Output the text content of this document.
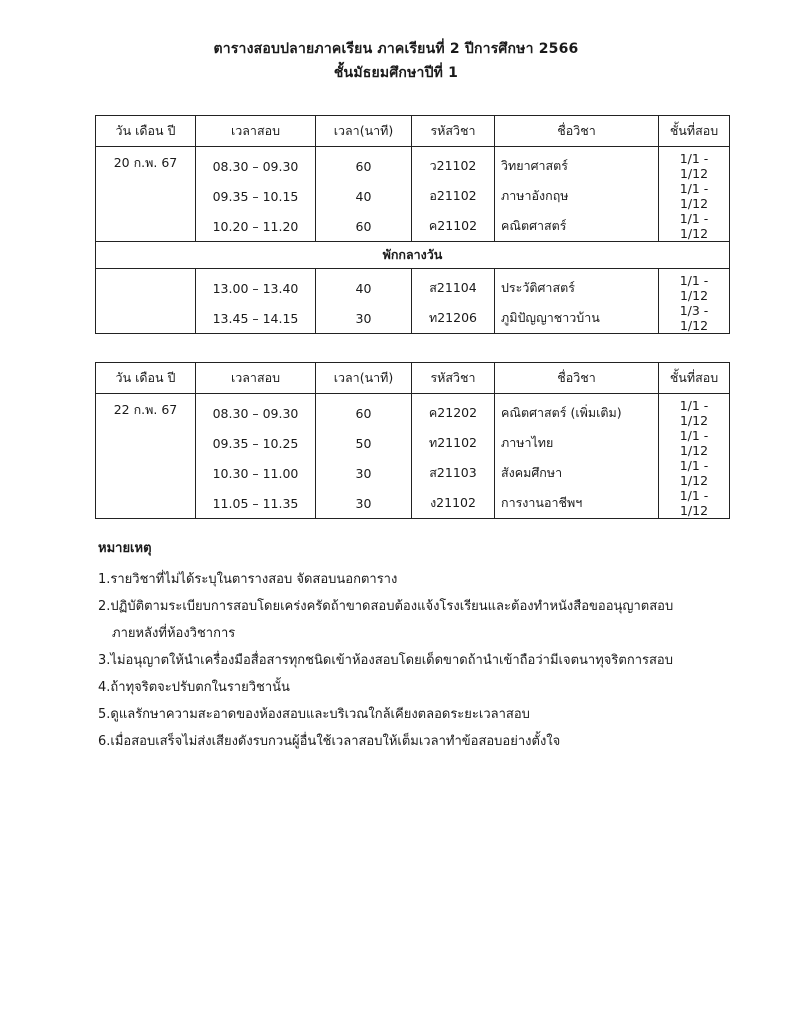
ตารางสอบปลายภาคเรียน ภาคเรียนที่ 2 ปีการศึกษา 2566
ชั้นมัธยมศึกษาปีที่ 1
วัน เดือน ปี	เวลาสอบ	เวลา(นาที)	รหัสวิชา	ชื่อวิชา	ชั้นที่สอบ
20 ก.พ. 67	08.30 – 09.30	60	ว21102	วิทยาศาสตร์	1/1 - 1/12
	09.35 – 10.15	40	อ21102	ภาษาอังกฤษ	1/1 - 1/12
	10.20 – 11.20	60	ค21102	คณิตศาสตร์	1/1 - 1/12
พักกลางวัน					
	13.00 – 13.40	40	ส21104	ประวัติศาสตร์	1/1 - 1/12
	13.45 – 14.15	30	ท21206	ภูมิปัญญาชาวบ้าน	1/3 - 1/12
วัน เดือน ปี	เวลาสอบ	เวลา(นาที)	รหัสวิชา	ชื่อวิชา	ชั้นที่สอบ
22 ก.พ. 67	08.30 – 09.30	60	ค21202	คณิตศาสตร์ (เพิ่มเติม)	1/1 - 1/12
	09.35 – 10.25	50	ท21102	ภาษาไทย	1/1 - 1/12
	10.30 – 11.00	30	ส21103	สังคมศึกษา	1/1 - 1/12
	11.05 – 11.35	30	ง21102	การงานอาชีพฯ	1/1 - 1/12
หมายเหตุ
1.รายวิชาที่ไม่ได้ระบุในตารางสอบ จัดสอบนอกตาราง
2.ปฏิบัติตามระเบียบการสอบโดยเคร่งครัดถ้าขาดสอบต้องแจ้งโรงเรียนและต้องทำหนังสือขออนุญาตสอบ
ภายหลังที่ห้องวิชาการ
3.ไม่อนุญาตให้นำเครื่องมือสื่อสารทุกชนิดเข้าห้องสอบโดยเด็ดขาดถ้านำเข้าถือว่ามีเจตนาทุจริตการสอบ
4.ถ้าทุจริตจะปรับตกในรายวิชานั้น
5.ดูแลรักษาความสะอาดของห้องสอบและบริเวณใกล้เคียงตลอดระยะเวลาสอบ
6.เมื่อสอบเสร็จไม่ส่งเสียงดังรบกวนผู้อื่นใช้เวลาสอบให้เต็มเวลาทำข้อสอบอย่างตั้งใจ
